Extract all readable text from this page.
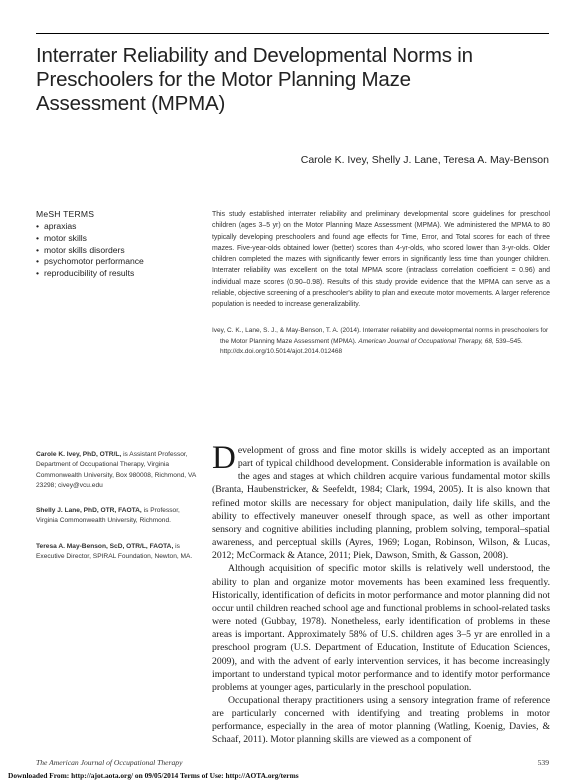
Interrater Reliability and Developmental Norms in Preschoolers for the Motor Planning Maze Assessment (MPMA)
Carole K. Ivey, Shelly J. Lane, Teresa A. May-Benson
MeSH TERMS
• apraxias
• motor skills
• motor skills disorders
• psychomotor performance
• reproducibility of results

This study established interrater reliability and preliminary developmental score guidelines for preschool children (ages 3–5 yr) on the Motor Planning Maze Assessment (MPMA). We administered the MPMA to 80 typically developing preschoolers and found age effects for Time, Error, and Total scores for each of three mazes. Five-year-olds obtained lower (better) scores than 4-yr-olds, who scored lower than 3-yr-olds. Older children completed the mazes with significantly fewer errors in significantly less time than younger children. Interrater reliability was excellent on the total MPMA score (intraclass correlation coefficient = 0.96) and individual maze scores (0.90–0.98). Results of this study provide evidence that the MPMA can serve as a reliable, objective screening of a preschooler's ability to plan and execute motor movements. A larger reference population is needed to increase generalizability.

Ivey, C. K., Lane, S. J., & May-Benson, T. A. (2014). Interrater reliability and developmental norms in preschoolers for the Motor Planning Maze Assessment (MPMA). American Journal of Occupational Therapy, 68, 539–545. http://dx.doi.org/10.5014/ajot.2014.012468

Carole K. Ivey, PhD, OTR/L, is Assistant Professor, Department of Occupational Therapy, Virginia Commonwealth University, Box 980008, Richmond, VA 23298; civey@vcu.edu

Shelly J. Lane, PhD, OTR, FAOTA, is Professor, Virginia Commonwealth University, Richmond.

Teresa A. May-Benson, ScD, OTR/L, FAOTA, is Executive Director, SPIRAL Foundation, Newton, MA.

Development of gross and fine motor skills is widely accepted as an important part of typical childhood development. Considerable information is available on the ages and stages at which children acquire various fundamental motor skills (Branta, Haubenstricker, & Seefeldt, 1984; Clark, 1994, 2005). It is also known that refined motor skills are necessary for object manipulation, daily life skills, and the ability to effectively maneuver oneself through space, as well as other important sensory and cognitive abilities including planning, problem solving, temporal–spatial awareness, and perceptual skills (Ayres, 1969; Logan, Robinson, Wilson, & Lucas, 2012; McCormack & Atance, 2011; Piek, Dawson, Smith, & Gasson, 2008).

Although acquisition of specific motor skills is relatively well understood, the ability to plan and organize motor movements has been examined less frequently. Historically, identification of deficits in motor performance and motor planning did not occur until children reached school age and functional problems in school-related tasks were noted (Gubbay, 1978). Nonetheless, early identification of problems in these areas is important. Approximately 58% of U.S. children ages 3–5 yr are enrolled in a preschool program (U.S. Department of Education, Institute of Education Sciences, 2009), and with the advent of early intervention services, it has become increasingly important to understand typical motor performance and to identify motor performance problems at younger ages, particularly in the preschool population.

Occupational therapy practitioners using a sensory integration frame of reference are particularly concerned with identifying and treating problems in motor performance, especially in the area of motor planning (Watling, Koenig, Davies, & Schaaf, 2011). Motor planning skills are viewed as a component of

The American Journal of Occupational Therapy	539
Downloaded From: http://ajot.aota.org/ on 09/05/2014 Terms of Use: http://AOTA.org/terms
